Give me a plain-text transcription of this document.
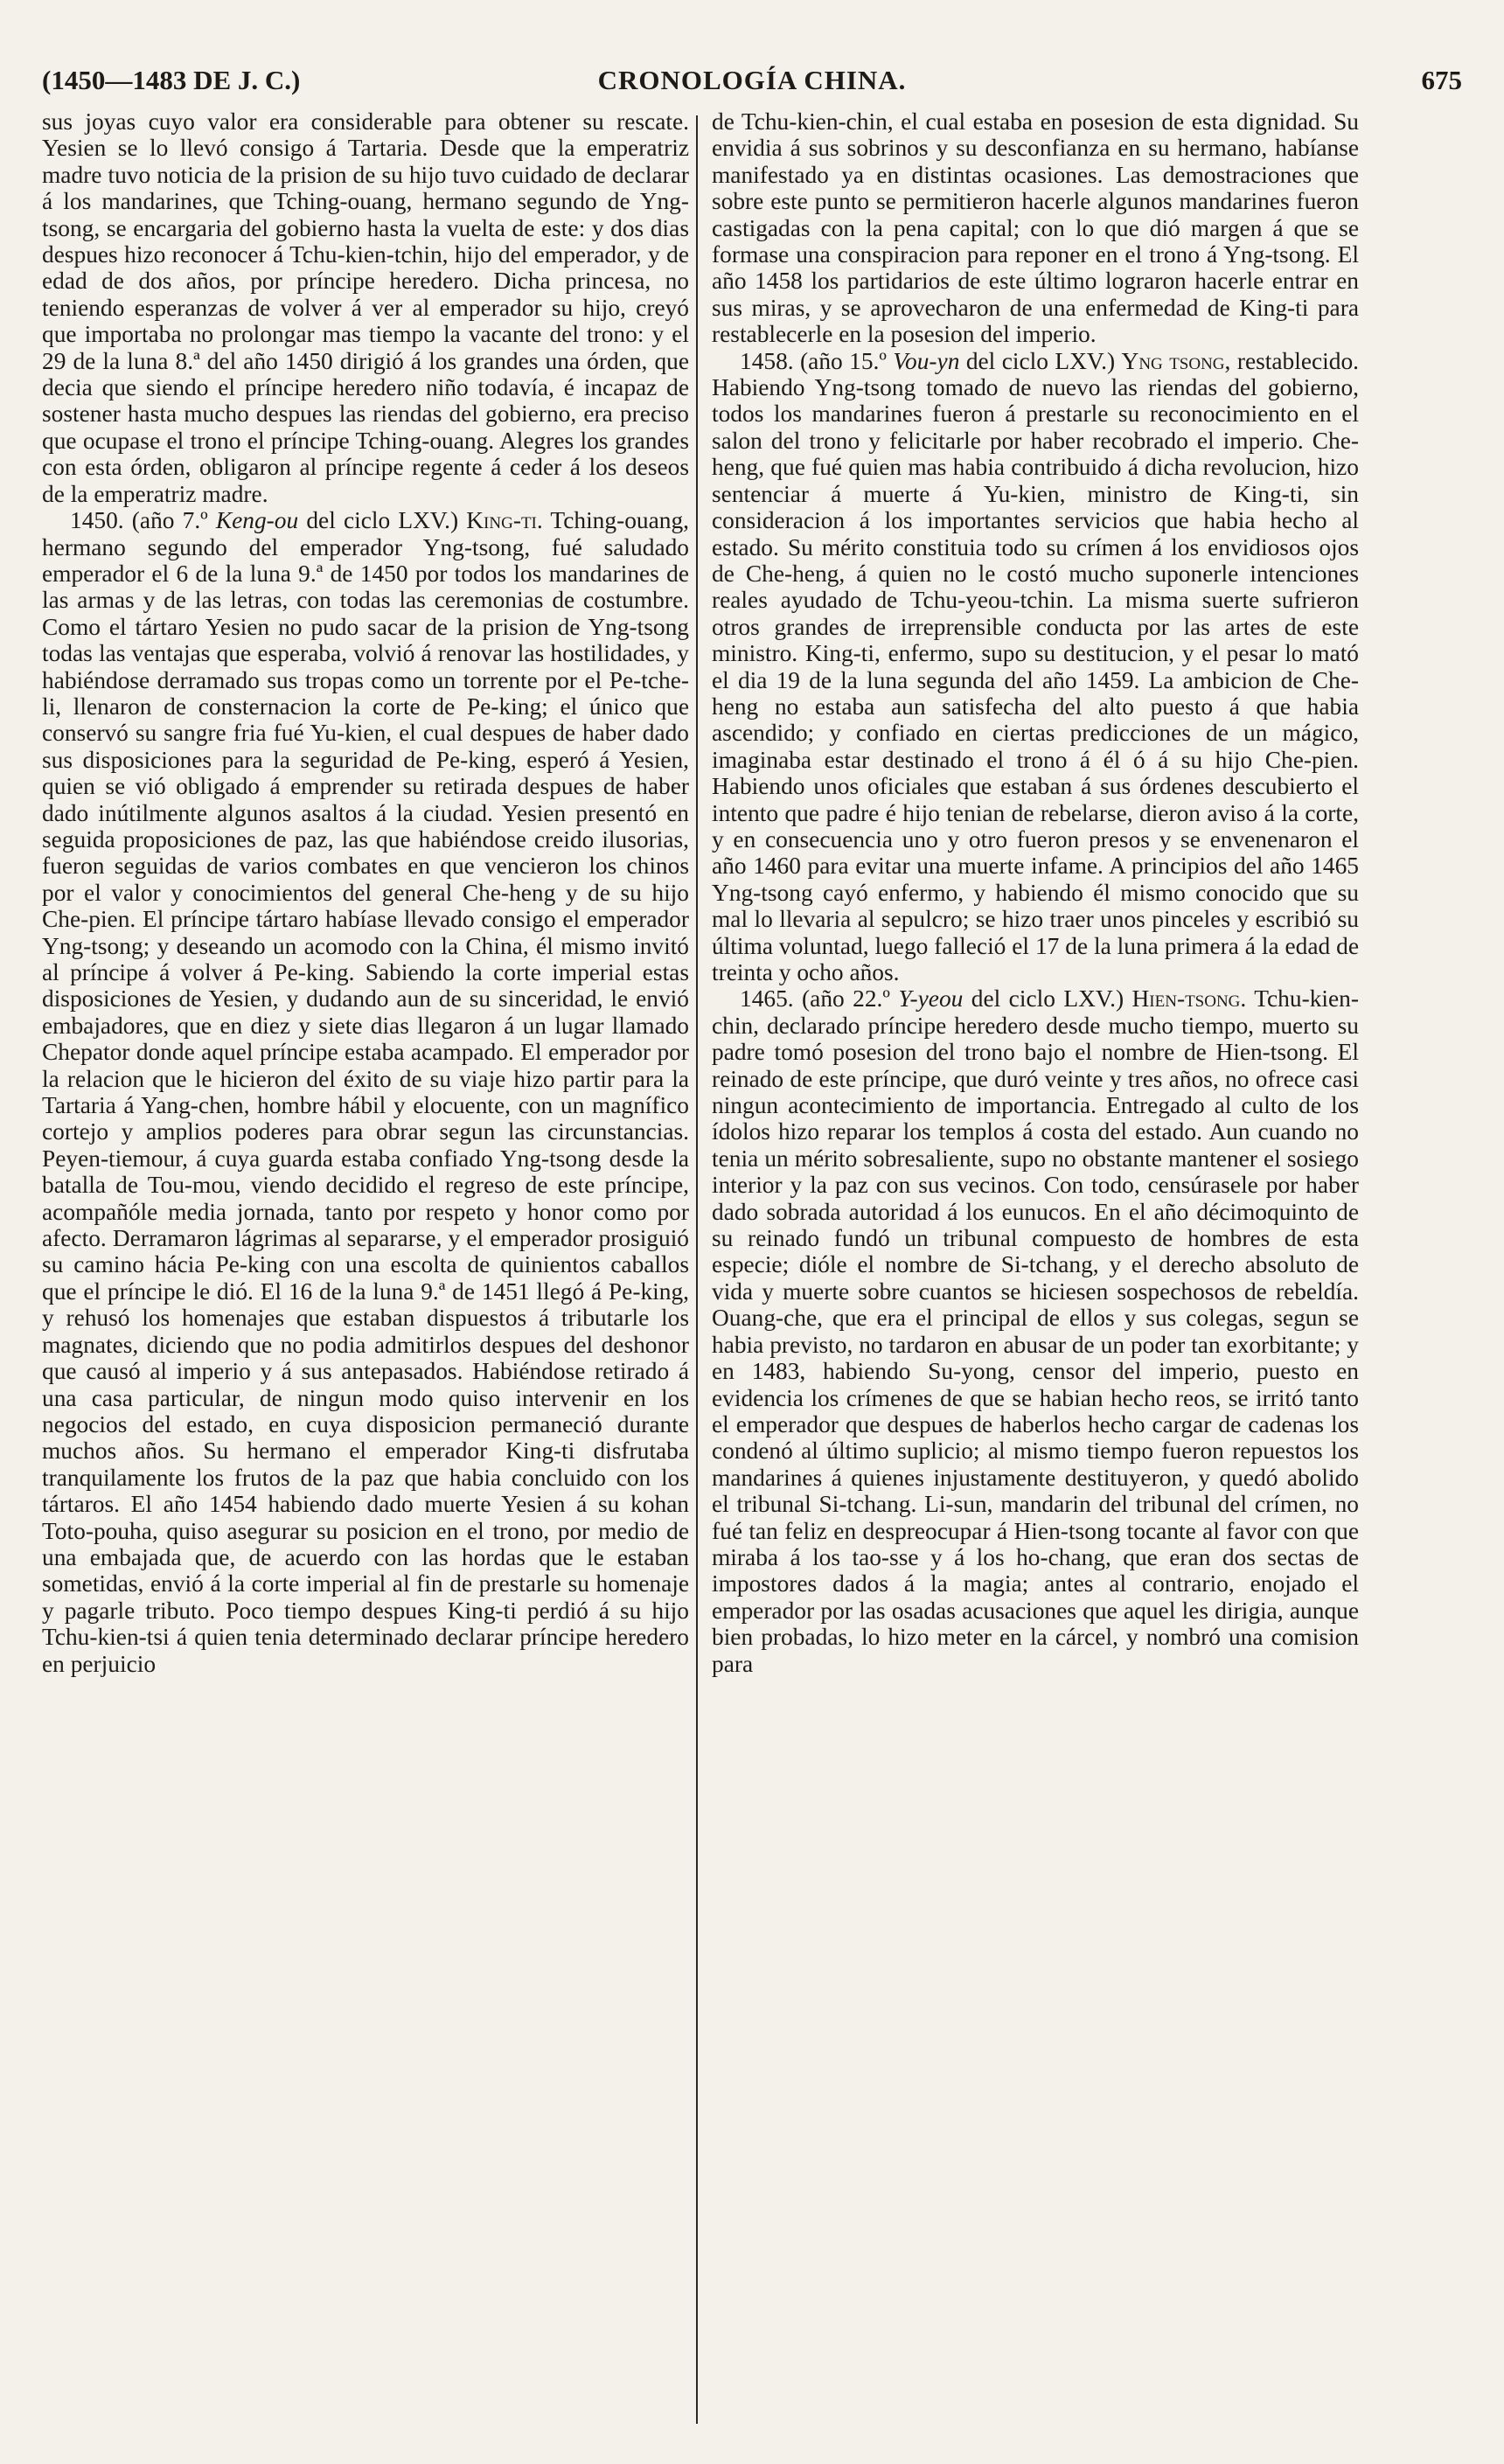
(1450—1483 DE J. C.)	CRONOLOGÍA CHINA.	675

sus joyas cuyo valor era considerable para obtener su rescate. Yesien se lo llevó consigo á Tartaria. Desde que la emperatriz madre tuvo noticia de la prision de su hijo tuvo cuidado de declarar á los mandarines, que Tching-ouang, hermano segundo de Yng-tsong, se encargaria del gobierno hasta la vuelta de este: y dos dias despues hizo reconocer á Tchu-kien-tchin, hijo del emperador, y de edad de dos años, por príncipe heredero. Dicha princesa, no teniendo esperanzas de volver á ver al emperador su hijo, creyó que importaba no prolongar mas tiempo la vacante del trono: y el 29 de la luna 8.ª del año 1450 dirigió á los grandes una órden, que decia que siendo el príncipe heredero niño todavía, é incapaz de sostener hasta mucho despues las riendas del gobierno, era preciso que ocupase el trono el príncipe Tching-ouang. Alegres los grandes con esta órden, obligaron al príncipe regente á ceder á los deseos de la emperatriz madre.

1450. (año 7.º Keng-ou del ciclo LXV.) King-ti. Tching-ouang, hermano segundo del emperador Yng-tsong, fué saludado emperador el 6 de la luna 9.ª de 1450 por todos los mandarines de las armas y de las letras, con todas las ceremonias de costumbre. Como el tártaro Yesien no pudo sacar de la prision de Yng-tsong todas las ventajas que esperaba, volvió á renovar las hostilidades, y habiéndose derramado sus tropas como un torrente por el Pe-tche-li, llenaron de consternacion la corte de Pe-king; el único que conservó su sangre fria fué Yu-kien, el cual despues de haber dado sus disposiciones para la seguridad de Pe-king, esperó á Yesien, quien se vió obligado á emprender su retirada despues de haber dado inútilmente algunos asaltos á la ciudad. Yesien presentó en seguida proposiciones de paz, las que habiéndose creido ilusorias, fueron seguidas de varios combates en que vencieron los chinos por el valor y conocimientos del general Che-heng y de su hijo Che-pien. El príncipe tártaro habíase llevado consigo el emperador Yng-tsong; y deseando un acomodo con la China, él mismo invitó al príncipe á volver á Pe-king. Sabiendo la corte imperial estas disposiciones de Yesien, y dudando aun de su sinceridad, le envió embajadores, que en diez y siete dias llegaron á un lugar llamado Chepator donde aquel príncipe estaba acampado. El emperador por la relacion que le hicieron del éxito de su viaje hizo partir para la Tartaria á Yang-chen, hombre hábil y elocuente, con un magnífico cortejo y amplios poderes para obrar segun las circunstancias. Peyen-tiemour, á cuya guarda estaba confiado Yng-tsong desde la batalla de Tou-mou, viendo decidido el regreso de este príncipe, acompañóle media jornada, tanto por respeto y honor como por afecto. Derramaron lágrimas al separarse, y el emperador prosiguió su camino hácia Pe-king con una escolta de quinientos caballos que el príncipe le dió. El 16 de la luna 9.ª de 1451 llegó á Pe-king, y rehusó los homenajes que estaban dispuestos á tributarle los magnates, diciendo que no podia admitirlos despues del deshonor que causó al imperio y á sus antepasados. Habiéndose retirado á una casa particular, de ningun modo quiso intervenir en los negocios del estado, en cuya disposicion permaneció durante muchos años. Su hermano el emperador King-ti disfrutaba tranquilamente los frutos de la paz que habia concluido con los tártaros. El año 1454 habiendo dado muerte Yesien á su kohan Toto-pouha, quiso asegurar su posicion en el trono, por medio de una embajada que, de acuerdo con las hordas que le estaban sometidas, envió á la corte imperial al fin de prestarle su homenaje y pagarle tributo. Poco tiempo despues King-ti perdió á su hijo Tchu-kien-tsi á quien tenia determinado declarar príncipe heredero en perjuicio

de Tchu-kien-chin, el cual estaba en posesion de esta dignidad. Su envidia á sus sobrinos y su desconfianza en su hermano, habíanse manifestado ya en distintas ocasiones. Las demostraciones que sobre este punto se permitieron hacerle algunos mandarines fueron castigadas con la pena capital; con lo que dió margen á que se formase una conspiracion para reponer en el trono á Yng-tsong. El año 1458 los partidarios de este último lograron hacerle entrar en sus miras, y se aprovecharon de una enfermedad de King-ti para restablecerle en la posesion del imperio.

1458. (año 15.º Vou-yn del ciclo LXV.) Yng tsong, restablecido. Habiendo Yng-tsong tomado de nuevo las riendas del gobierno, todos los mandarines fueron á prestarle su reconocimiento en el salon del trono y felicitarle por haber recobrado el imperio. Che-heng, que fué quien mas habia contribuido á dicha revolucion, hizo sentenciar á muerte á Yu-kien, ministro de King-ti, sin consideracion á los importantes servicios que habia hecho al estado. Su mérito constituia todo su crímen á los envidiosos ojos de Che-heng, á quien no le costó mucho suponerle intenciones reales ayudado de Tchu-yeou-tchin. La misma suerte sufrieron otros grandes de irreprensible conducta por las artes de este ministro. King-ti, enfermo, supo su destitucion, y el pesar lo mató el dia 19 de la luna segunda del año 1459. La ambicion de Che-heng no estaba aun satisfecha del alto puesto á que habia ascendido; y confiado en ciertas predicciones de un mágico, imaginaba estar destinado el trono á él ó á su hijo Che-pien. Habiendo unos oficiales que estaban á sus órdenes descubierto el intento que padre é hijo tenian de rebelarse, dieron aviso á la corte, y en consecuencia uno y otro fueron presos y se envenenaron el año 1460 para evitar una muerte infame. A principios del año 1465 Yng-tsong cayó enfermo, y habiendo él mismo conocido que su mal lo llevaria al sepulcro; se hizo traer unos pinceles y escribió su última voluntad, luego falleció el 17 de la luna primera á la edad de treinta y ocho años.

1465. (año 22.º Y-yeou del ciclo LXV.) Hien-tsong. Tchu-kien-chin, declarado príncipe heredero desde mucho tiempo, muerto su padre tomó posesion del trono bajo el nombre de Hien-tsong. El reinado de este príncipe, que duró veinte y tres años, no ofrece casi ningun acontecimiento de importancia. Entregado al culto de los ídolos hizo reparar los templos á costa del estado. Aun cuando no tenia un mérito sobresaliente, supo no obstante mantener el sosiego interior y la paz con sus vecinos. Con todo, censúrasele por haber dado sobrada autoridad á los eunucos. En el año décimoquinto de su reinado fundó un tribunal compuesto de hombres de esta especie; dióle el nombre de Si-tchang, y el derecho absoluto de vida y muerte sobre cuantos se hiciesen sospechosos de rebeldía. Ouang-che, que era el principal de ellos y sus colegas, segun se habia previsto, no tardaron en abusar de un poder tan exorbitante; y en 1483, habiendo Su-yong, censor del imperio, puesto en evidencia los crímenes de que se habian hecho reos, se irritó tanto el emperador que despues de haberlos hecho cargar de cadenas los condenó al último suplicio; al mismo tiempo fueron repuestos los mandarines á quienes injustamente destituyeron, y quedó abolido el tribunal Si-tchang. Li-sun, mandarin del tribunal del crímen, no fué tan feliz en despreocupar á Hien-tsong tocante al favor con que miraba á los tao-sse y á los ho-chang, que eran dos sectas de impostores dados á la magia; antes al contrario, enojado el emperador por las osadas acusaciones que aquel les dirigia, aunque bien probadas, lo hizo meter en la cárcel, y nombró una comision para
